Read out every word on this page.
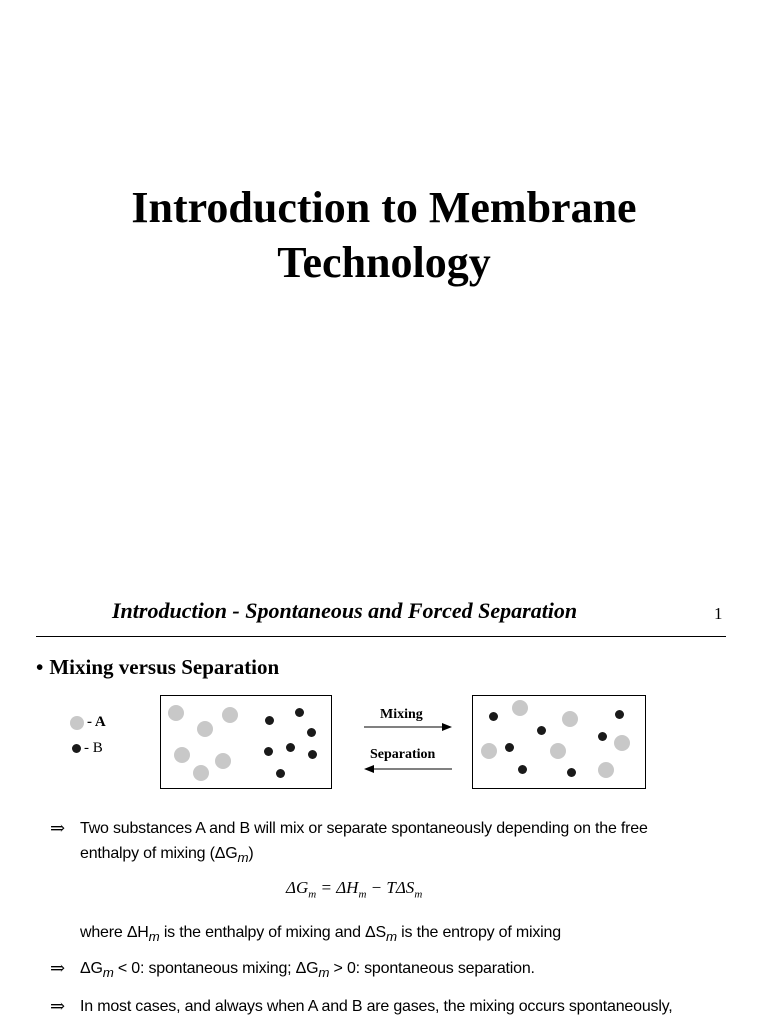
Introduction to Membrane
Technology
Introduction - Spontaneous and Forced Separation	1
• Mixing versus Separation
- A
- B
Mixing
Separation
⇒ Two substances A and B will mix or separate spontaneously depending on the free
enthalpy of mixing $(\Delta G_m)$
$\Delta G_m = \Delta H_m - T\Delta S_m$
where $\Delta H_m$ is the enthalpy of mixing and $\Delta S_m$ is the entropy of mixing
⇒ $\Delta G_m < 0$: spontaneous mixing; $\Delta G_m > 0$: spontaneous separation.
⇒ In most cases, and always when A and B are gases, the mixing occurs spontaneously,
